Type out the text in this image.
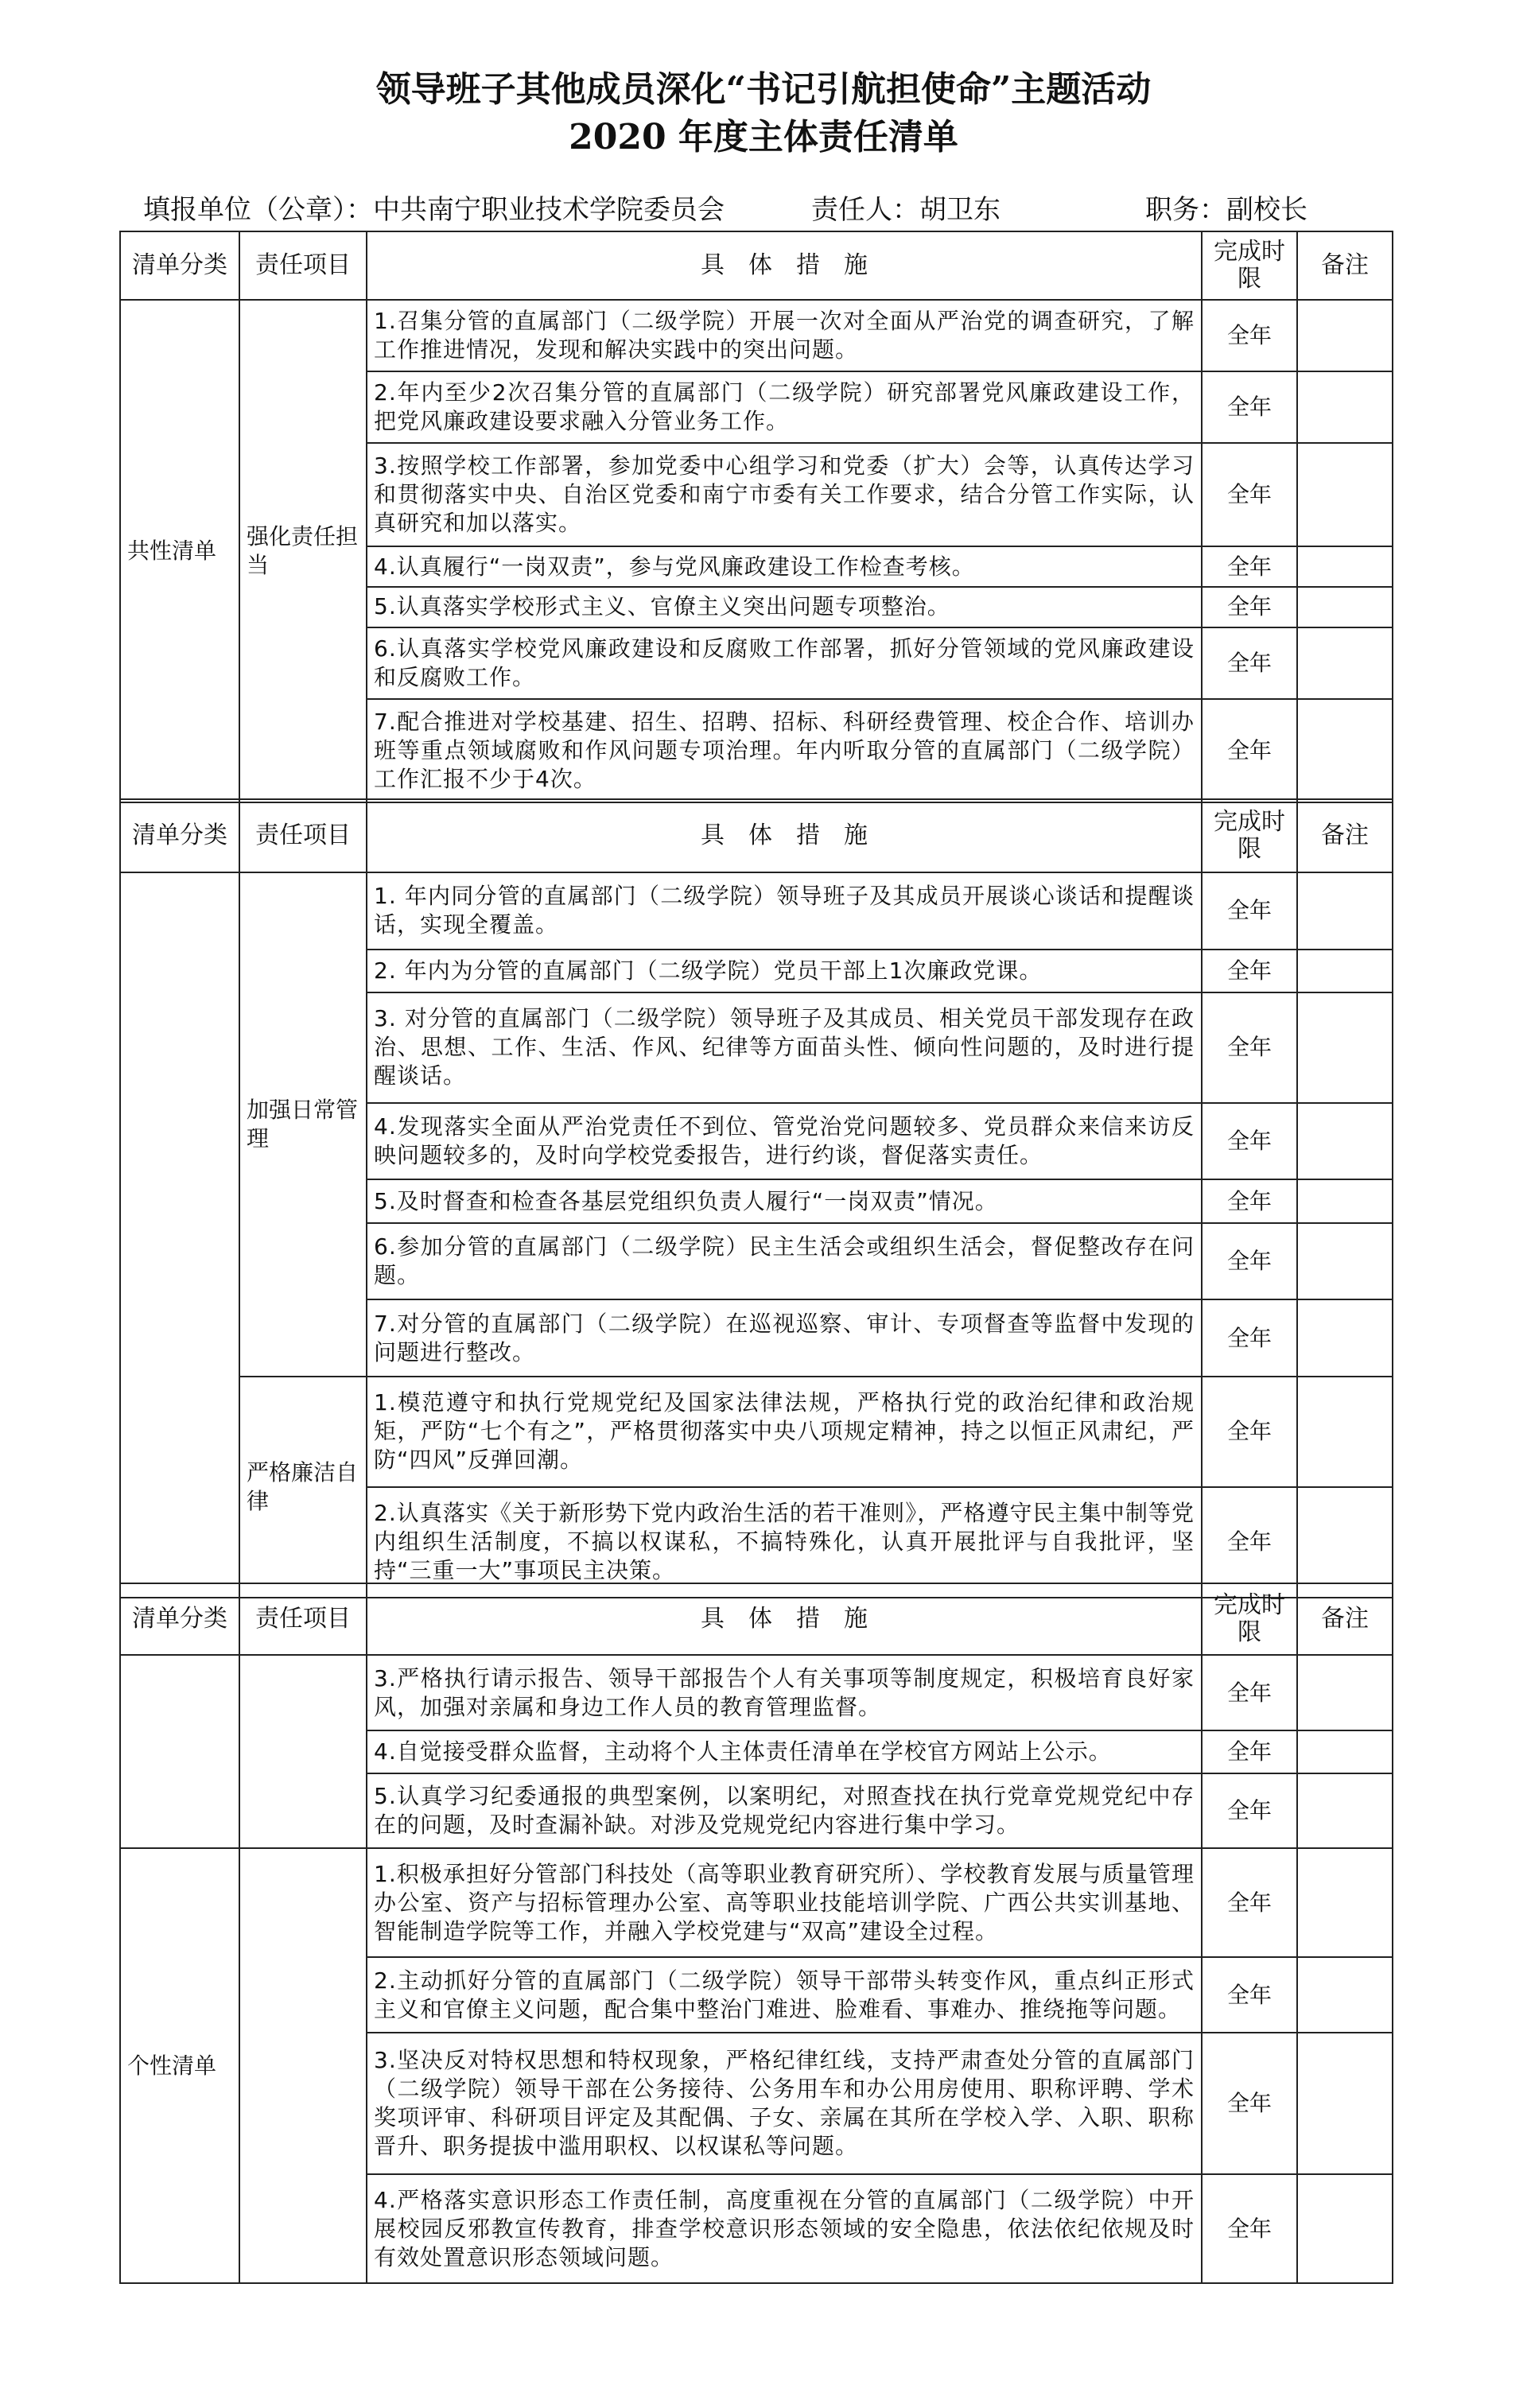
领导班子其他成员深化“书记引航担使命”主题活动
2020 年度主体责任清单
填报单位（公章）：中共南宁职业技术学院委员会	责任人：胡卫东	职务：副校长
清单分类	责任项目	具　体　措　施	完成时限	备注
共性清单	强化责任担当	1.召集分管的直属部门（二级学院）开展一次对全面从严治党的调查研究，了解工作推进情况，发现和解决实践中的突出问题。	全年	
		2.年内至少2次召集分管的直属部门（二级学院）研究部署党风廉政建设工作，把党风廉政建设要求融入分管业务工作。	全年	
		3.按照学校工作部署，参加党委中心组学习和党委（扩大）会等，认真传达学习和贯彻落实中央、自治区党委和南宁市委有关工作要求，结合分管工作实际，认真研究和加以落实。	全年	
		4.认真履行“一岗双责”，参与党风廉政建设工作检查考核。	全年	
		5.认真落实学校形式主义、官僚主义突出问题专项整治。	全年	
		6.认真落实学校党风廉政建设和反腐败工作部署，抓好分管领域的党风廉政建设和反腐败工作。	全年	
		7.配合推进对学校基建、招生、招聘、招标、科研经费管理、校企合作、培训办班等重点领域腐败和作风问题专项治理。年内听取分管的直属部门（二级学院）工作汇报不少于4次。	全年	
清单分类	责任项目	具　体　措　施	完成时限	备注
	加强日常管理	1. 年内同分管的直属部门（二级学院）领导班子及其成员开展谈心谈话和提醒谈话，实现全覆盖。	全年	
		2. 年内为分管的直属部门（二级学院）党员干部上1次廉政党课。	全年	
		3. 对分管的直属部门（二级学院）领导班子及其成员、相关党员干部发现存在政治、思想、工作、生活、作风、纪律等方面苗头性、倾向性问题的，及时进行提醒谈话。	全年	
		4.发现落实全面从严治党责任不到位、管党治党问题较多、党员群众来信来访反映问题较多的，及时向学校党委报告，进行约谈，督促落实责任。	全年	
		5.及时督查和检查各基层党组织负责人履行“一岗双责”情况。	全年	
		6.参加分管的直属部门（二级学院）民主生活会或组织生活会，督促整改存在问题。	全年	
		7.对分管的直属部门（二级学院）在巡视巡察、审计、专项督查等监督中发现的问题进行整改。	全年	
	严格廉洁自律	1.模范遵守和执行党规党纪及国家法律法规，严格执行党的政治纪律和政治规矩，严防“七个有之”，严格贯彻落实中央八项规定精神，持之以恒正风肃纪，严防“四风”反弹回潮。	全年	
		2.认真落实《关于新形势下党内政治生活的若干准则》，严格遵守民主集中制等党内组织生活制度，不搞以权谋私，不搞特殊化，认真开展批评与自我批评，坚持“三重一大”事项民主决策。	全年	
清单分类	责任项目	具　体　措　施	完成时限	备注
		3.严格执行请示报告、领导干部报告个人有关事项等制度规定，积极培育良好家风，加强对亲属和身边工作人员的教育管理监督。	全年	
		4.自觉接受群众监督，主动将个人主体责任清单在学校官方网站上公示。	全年	
		5.认真学习纪委通报的典型案例，以案明纪，对照查找在执行党章党规党纪中存在的问题，及时查漏补缺。对涉及党规党纪内容进行集中学习。	全年	
个性清单		1.积极承担好分管部门科技处（高等职业教育研究所）、学校教育发展与质量管理办公室、资产与招标管理办公室、高等职业技能培训学院、广西公共实训基地、智能制造学院等工作，并融入学校党建与“双高”建设全过程。	全年	
		2.主动抓好分管的直属部门（二级学院）领导干部带头转变作风，重点纠正形式主义和官僚主义问题，配合集中整治门难进、脸难看、事难办、推绕拖等问题。	全年	
		3.坚决反对特权思想和特权现象，严格纪律红线，支持严肃查处分管的直属部门（二级学院）领导干部在公务接待、公务用车和办公用房使用、职称评聘、学术奖项评审、科研项目评定及其配偶、子女、亲属在其所在学校入学、入职、职称晋升、职务提拔中滥用职权、以权谋私等问题。	全年	
		4.严格落实意识形态工作责任制，高度重视在分管的直属部门（二级学院）中开展校园反邪教宣传教育，排查学校意识形态领域的安全隐患，依法依纪依规及时有效处置意识形态领域问题。	全年	
